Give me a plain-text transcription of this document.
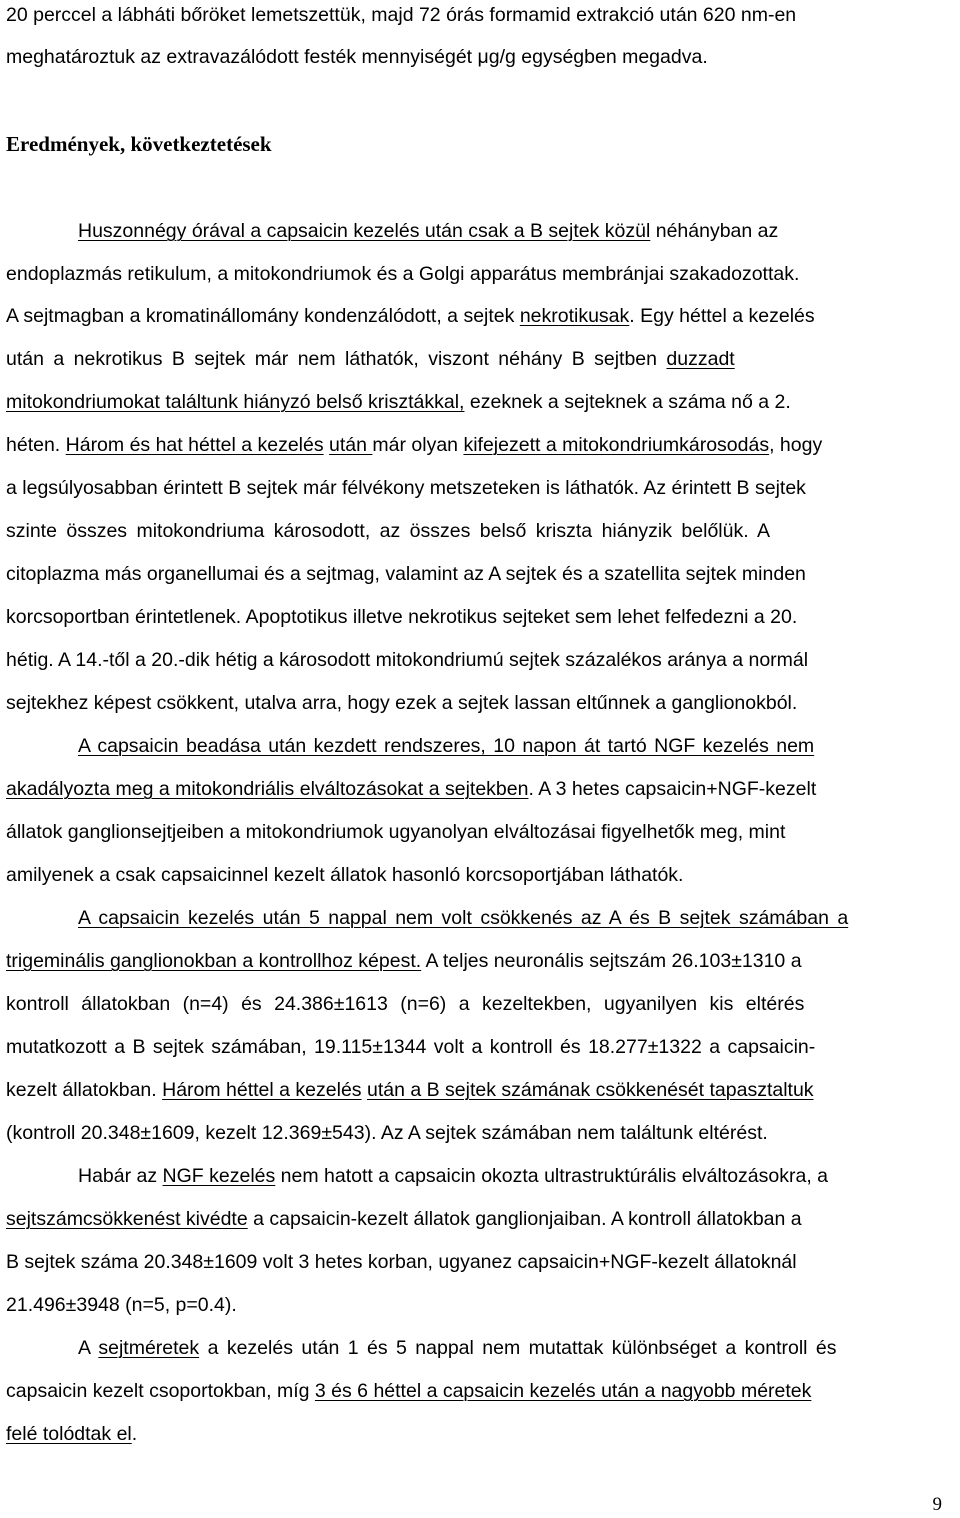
20 perccel a lábháti bőröket lemetszettük, majd 72 órás formamid extrakció után 620 nm-en
meghatároztuk az extravazálódott festék mennyiségét μg/g egységben megadva.
Eredmények, következtetések
Huszonnégy órával a capsaicin kezelés után csak a B sejtek közül néhányban az
endoplazmás retikulum, a mitokondriumok és a Golgi apparátus membránjai szakadozottak.
A sejtmagban a kromatinállomány kondenzálódott, a sejtek nekrotikusak. Egy héttel a kezelés
után a nekrotikus B sejtek már nem láthatók, viszont néhány B sejtben duzzadt
mitokondriumokat találtunk hiányzó belső krisztákkal, ezeknek a sejteknek a száma nő a 2.
héten. Három és hat héttel a kezelés után már olyan kifejezett a mitokondriumkárosodás, hogy
a legsúlyosabban érintett B sejtek már félvékony metszeteken is láthatók. Az érintett B sejtek
szinte összes mitokondriuma károsodott, az összes belső kriszta hiányzik belőlük. A
citoplazma más organellumai és a sejtmag, valamint az A sejtek és a szatellita sejtek minden
korcsoportban érintetlenek. Apoptotikus illetve nekrotikus sejteket sem lehet felfedezni a 20.
hétig. A 14.-től a 20.-dik hétig a károsodott mitokondriumú sejtek százalékos aránya a normál
sejtekhez képest csökkent, utalva arra, hogy ezek a sejtek lassan eltűnnek a ganglionokból.
A capsaicin beadása után kezdett rendszeres, 10 napon át tartó NGF kezelés nem
akadályozta meg a mitokondriális elváltozásokat a sejtekben. A 3 hetes capsaicin+NGF-kezelt
állatok ganglionsejtjeiben a mitokondriumok ugyanolyan elváltozásai figyelhetők meg, mint
amilyenek a csak capsaicinnel kezelt állatok hasonló korcsoportjában láthatók.
A capsaicin kezelés után 5 nappal nem volt csökkenés az A és B sejtek számában a
trigeminális ganglionokban a kontrollhoz képest. A teljes neuronális sejtszám 26.103±1310 a
kontroll állatokban (n=4) és 24.386±1613 (n=6) a kezeltekben, ugyanilyen kis eltérés
mutatkozott a B sejtek számában, 19.115±1344 volt a kontroll és 18.277±1322 a capsaicin-
kezelt állatokban. Három héttel a kezelés után a B sejtek számának csökkenését tapasztaltuk
(kontroll 20.348±1609, kezelt 12.369±543). Az A sejtek számában nem találtunk eltérést.
Habár az NGF kezelés nem hatott a capsaicin okozta ultrastruktúrális elváltozásokra, a
sejtszámcsökkenést kivédte a capsaicin-kezelt állatok ganglionjaiban. A kontroll állatokban a
B sejtek száma 20.348±1609 volt 3 hetes korban, ugyanez capsaicin+NGF-kezelt állatoknál
21.496±3948 (n=5, p=0.4).
A sejtméretek a kezelés után 1 és 5 nappal nem mutattak különbséget a kontroll és
capsaicin kezelt csoportokban, míg 3 és 6 héttel a capsaicin kezelés után a nagyobb méretek
felé tolódtak el.
9
